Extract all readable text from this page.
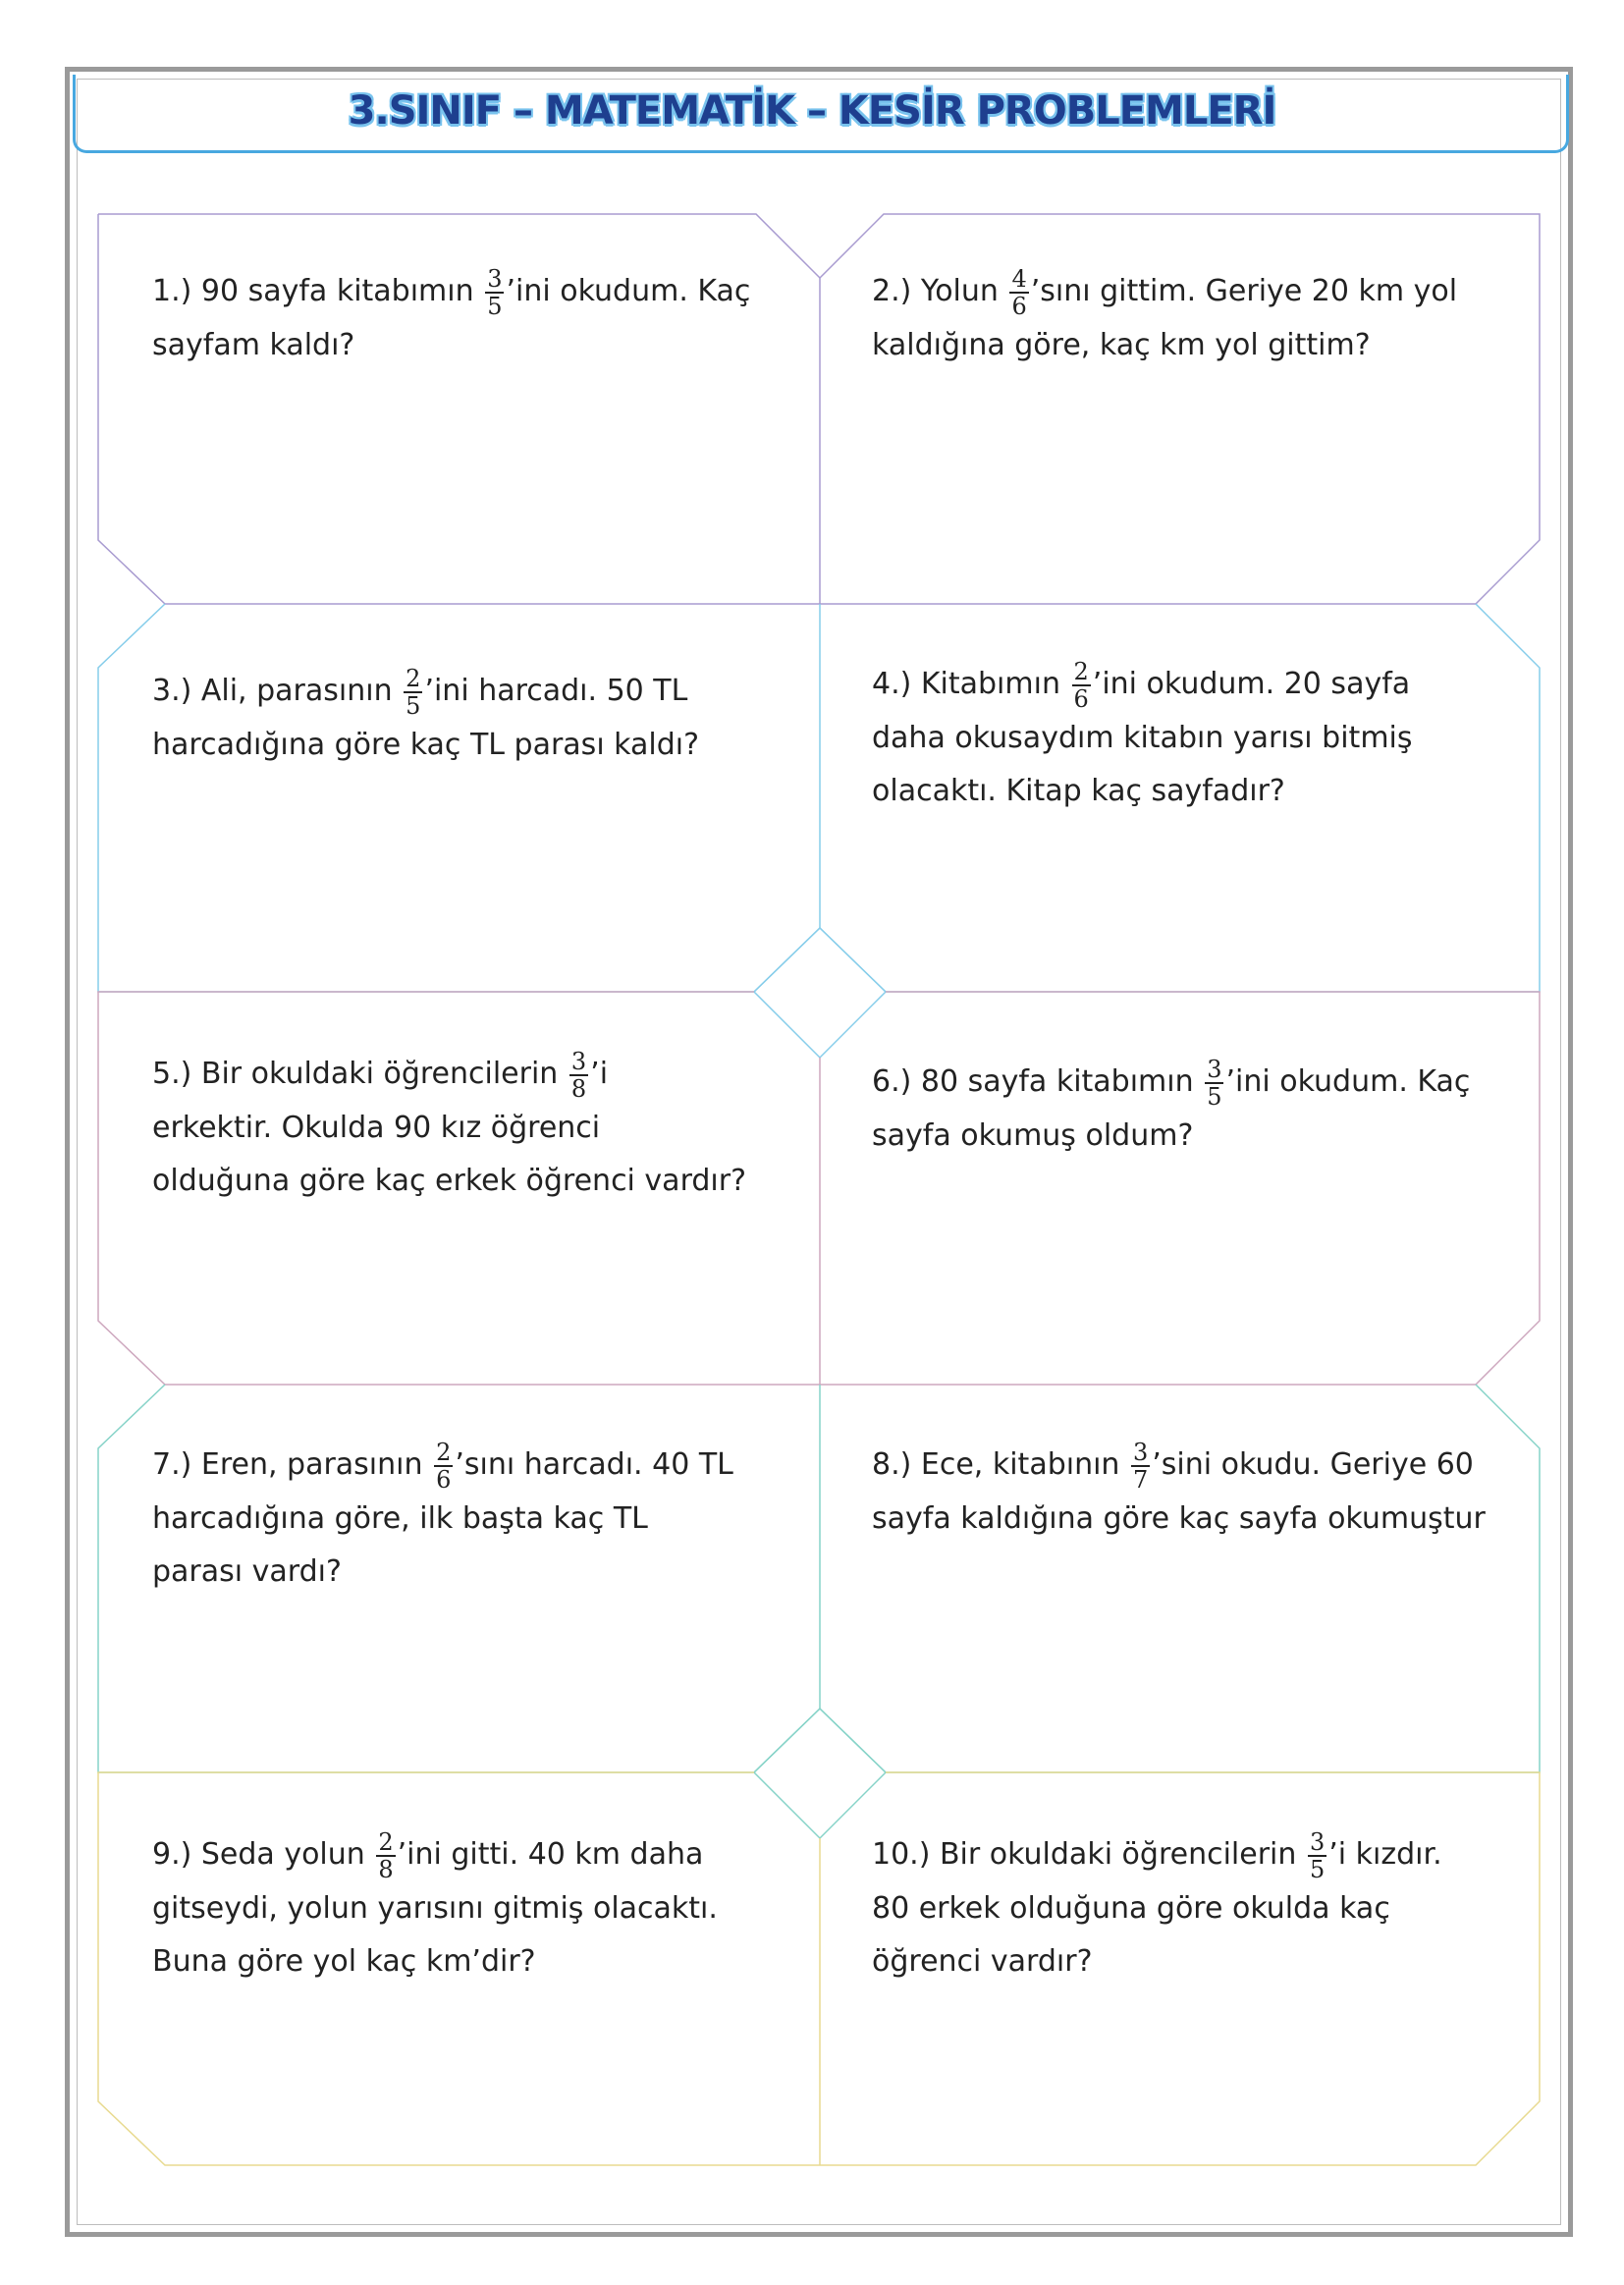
3.SINIF – MATEMATİK – KESİR PROBLEMLERİ
1.) 90 sayfa kitabımın $\frac{3}{5}$ ’ini okudum. Kaç
sayfam kaldı?
2.) Yolun $\frac{4}{6}$ ’sını gittim. Geriye 20 km yol
kaldığına göre, kaç km yol gittim?
3.) Ali, parasının $\frac{2}{5}$ ’ini harcadı. 50 TL
harcadığına göre kaç TL parası kaldı?
4.) Kitabımın $\frac{2}{6}$ ’ini okudum. 20 sayfa
daha okusaydım kitabın yarısı bitmiş
olacaktı. Kitap kaç sayfadır?
5.) Bir okuldaki öğrencilerin $\frac{3}{8}$ ’i
erkektir. Okulda 90 kız öğrenci
olduğuna göre kaç erkek öğrenci vardır?
6.) 80 sayfa kitabımın $\frac{3}{5}$ ’ini okudum. Kaç
sayfa okumuş oldum?
7.) Eren, parasının $\frac{2}{6}$ ’sını harcadı. 40 TL
harcadığına göre, ilk başta kaç TL
parası vardı?
8.) Ece, kitabının $\frac{3}{7}$ ’sini okudu. Geriye 60
sayfa kaldığına göre kaç sayfa okumuştur
9.) Seda yolun $\frac{2}{8}$ ’ini gitti. 40 km daha
gitseydi, yolun yarısını gitmiş olacaktı.
Buna göre yol kaç km’dir?
10.) Bir okuldaki öğrencilerin $\frac{3}{5}$ ’i kızdır.
80 erkek olduğuna göre okulda kaç
öğrenci vardır?
